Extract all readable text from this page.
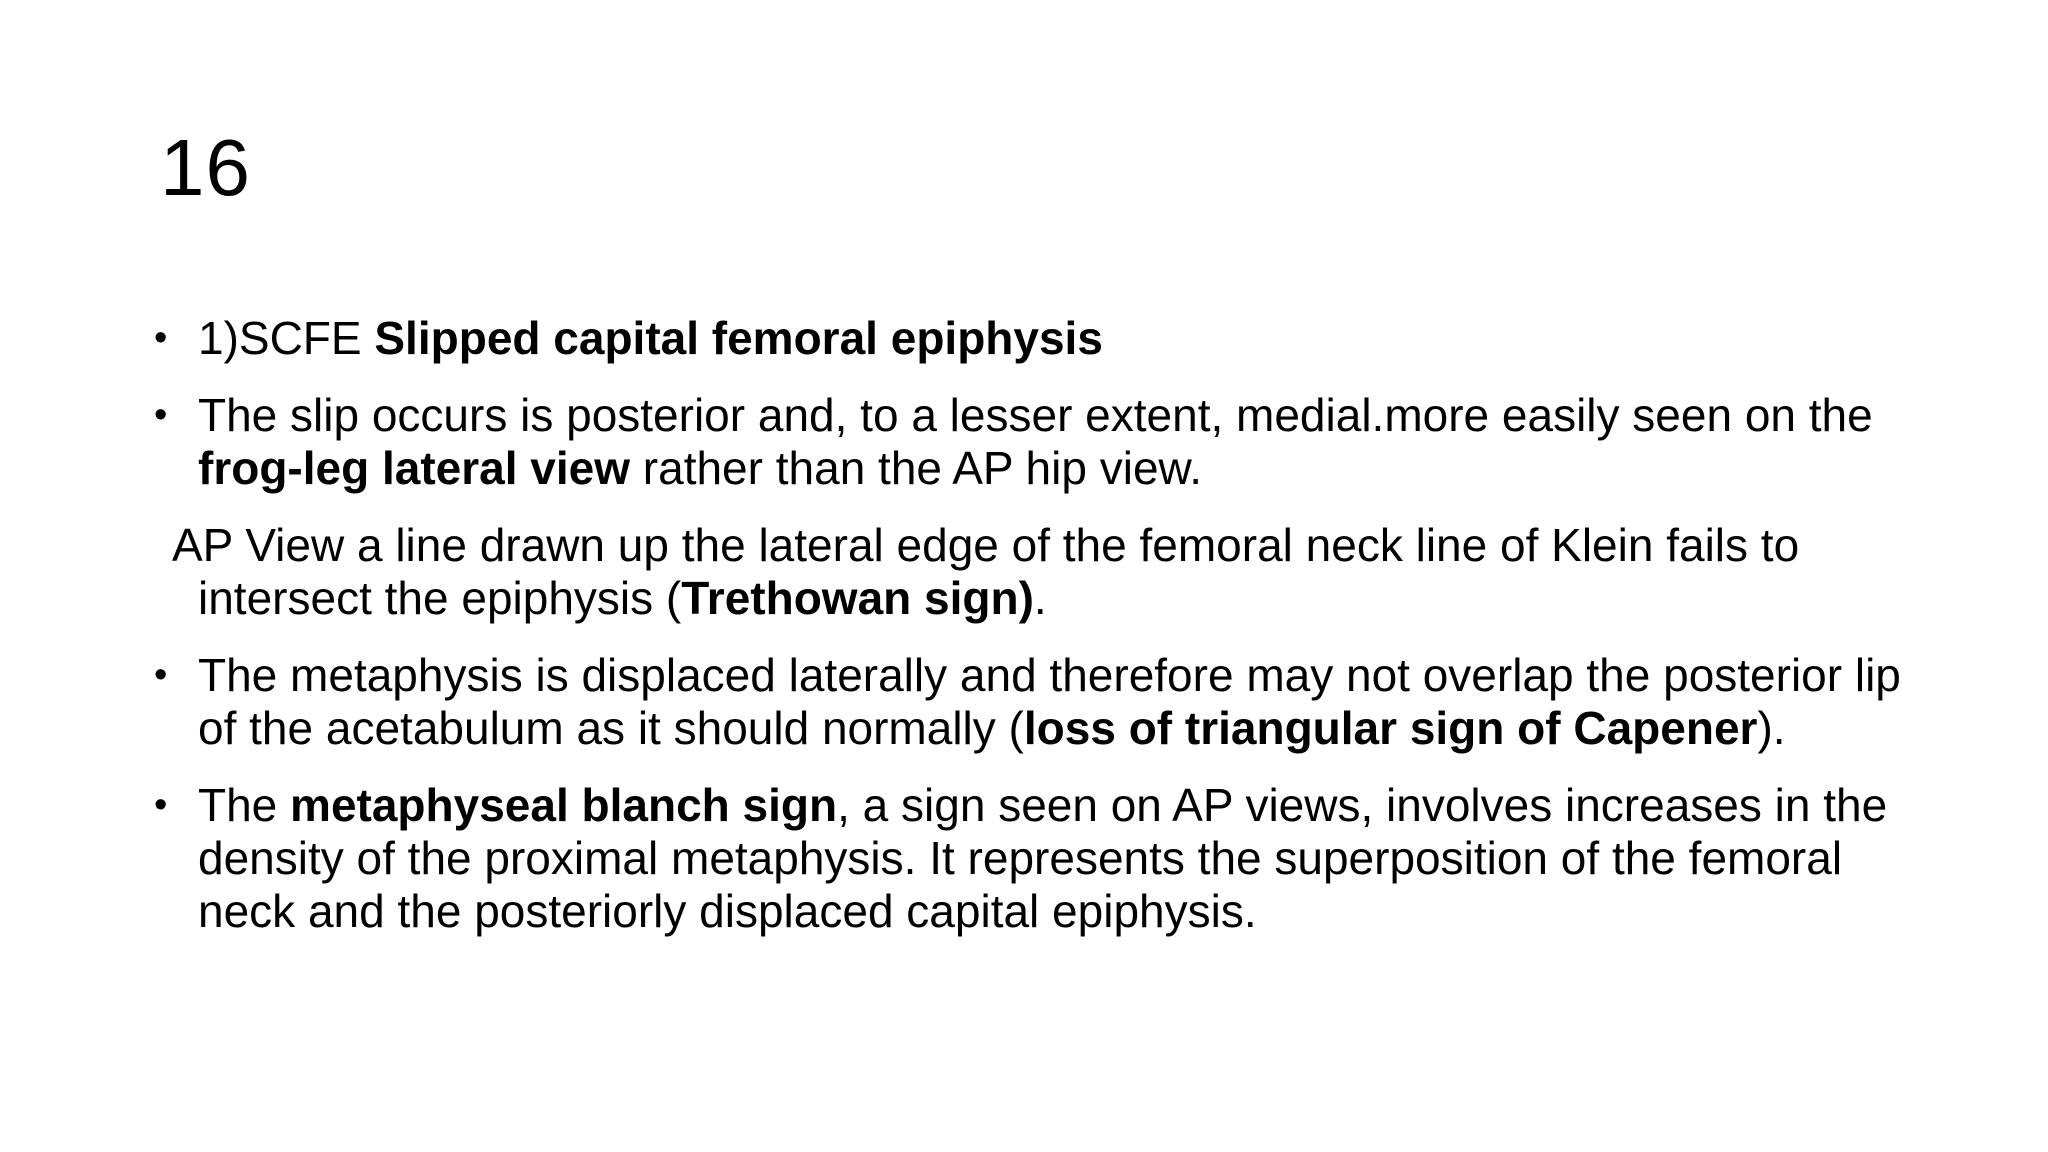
16
• 1)SCFE Slipped capital femoral epiphysis
• The slip occurs is posterior and, to a lesser extent, medial.more easily seen on the frog-leg lateral view rather than the AP hip view.
AP View a line drawn up the lateral edge of the femoral neck line of Klein fails to intersect the epiphysis (Trethowan sign).
• The metaphysis is displaced laterally and therefore may not overlap the posterior lip of the acetabulum as it should normally (loss of triangular sign of Capener).
• The metaphyseal blanch sign, a sign seen on AP views, involves increases in the density of the proximal metaphysis. It represents the superposition of the femoral neck and the posteriorly displaced capital epiphysis.
